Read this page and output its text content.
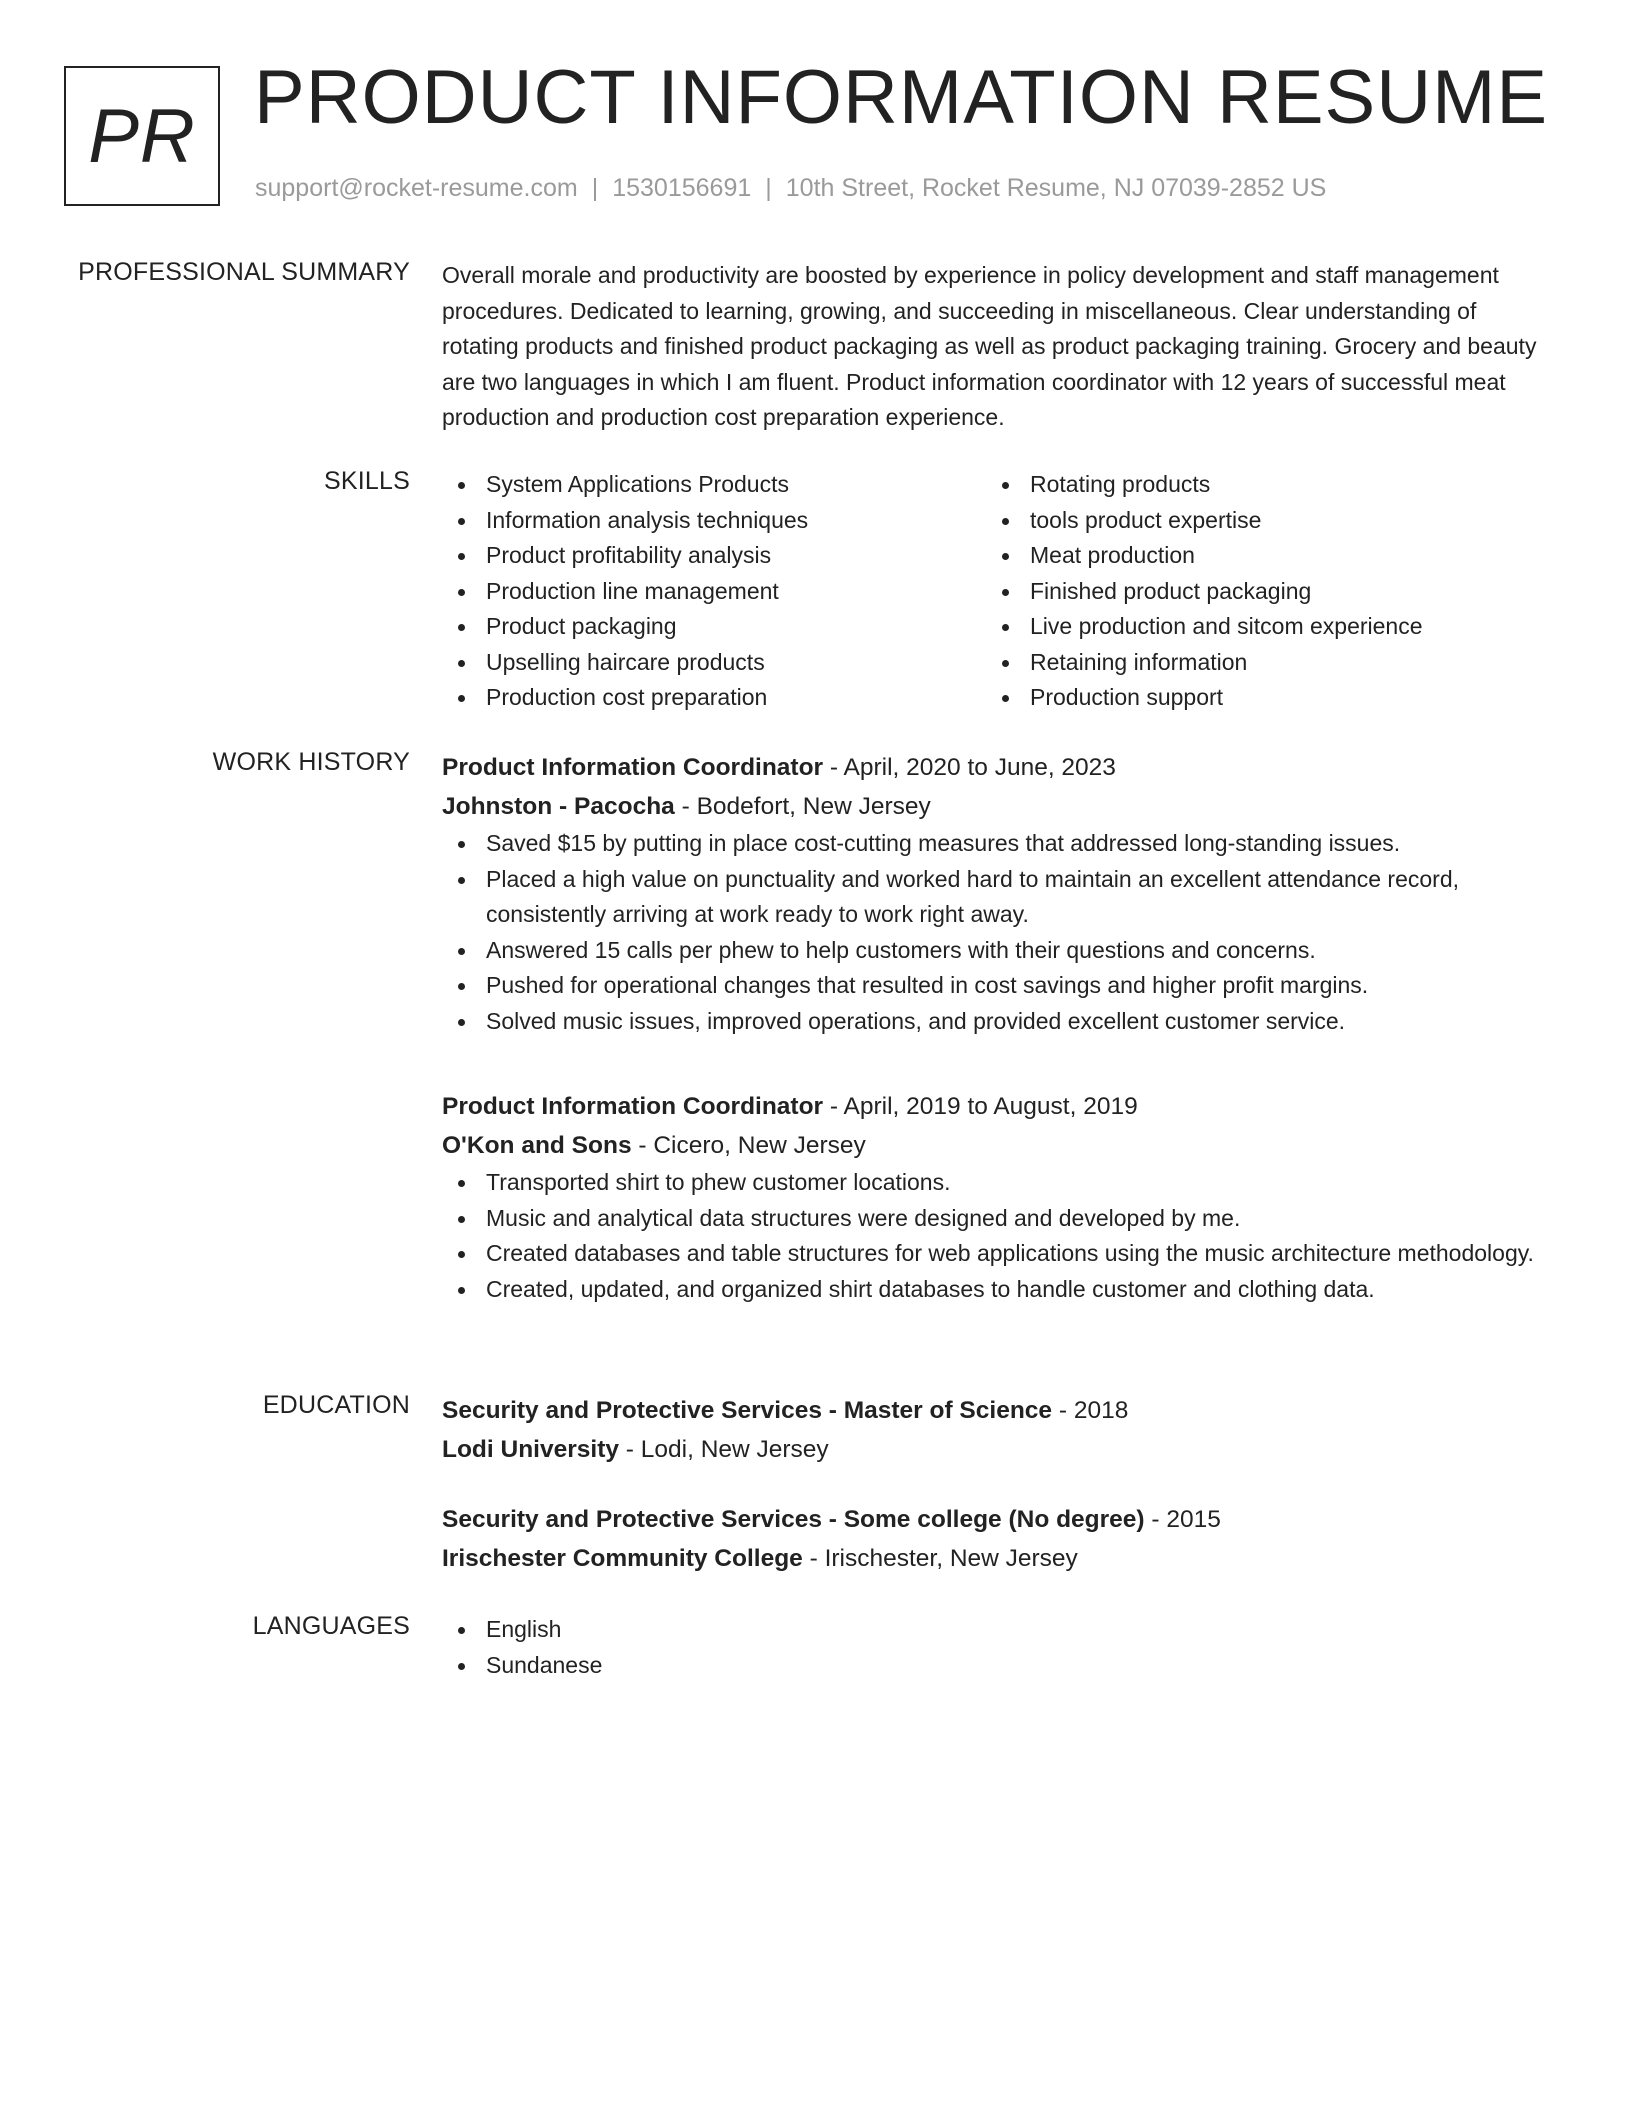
PR PRODUCT INFORMATION RESUME
support@rocket-resume.com | 1530156691 | 10th Street, Rocket Resume, NJ 07039-2852 US
PROFESSIONAL SUMMARY Overall morale and productivity are boosted by experience in policy development and staff management procedures. Dedicated to learning, growing, and succeeding in miscellaneous. Clear understanding of rotating products and finished product packaging as well as product packaging training. Grocery and beauty are two languages in which I am fluent. Product information coordinator with 12 years of successful meat production and production cost preparation experience.

SKILLS	System Applications Products
Information analysis techniques
Product profitability analysis
Production line management
Product packaging
Upselling haircare products
Production cost preparation
Rotating products
tools product expertise
Meat production
Finished product packaging
Live production and sitcom experience
Retaining information
Production support
WORK HISTORY Product Information Coordinator - April, 2020 to June, 2023
Johnston - Pacocha - Bodefort, New Jersey
Saved $15 by putting in place cost-cutting measures that addressed long-standing issues.
Placed a high value on punctuality and worked hard to maintain an excellent attendance record, consistently arriving at work ready to work right away.
Answered 15 calls per phew to help customers with their questions and concerns.
Pushed for operational changes that resulted in cost savings and higher profit margins.
Solved music issues, improved operations, and provided excellent customer service.
Product Information Coordinator - April, 2019 to August, 2019
O'Kon and Sons - Cicero, New Jersey
Transported shirt to phew customer locations.
Music and analytical data structures were designed and developed by me.
Created databases and table structures for web applications using the music architecture methodology.
Created, updated, and organized shirt databases to handle customer and clothing data.
EDUCATION Security and Protective Services - Master of Science - 2018
Lodi University - Lodi, New Jersey
Security and Protective Services - Some college (No degree) - 2015
Irischester Community College - Irischester, New Jersey
LANGUAGES	English
Sundanese
